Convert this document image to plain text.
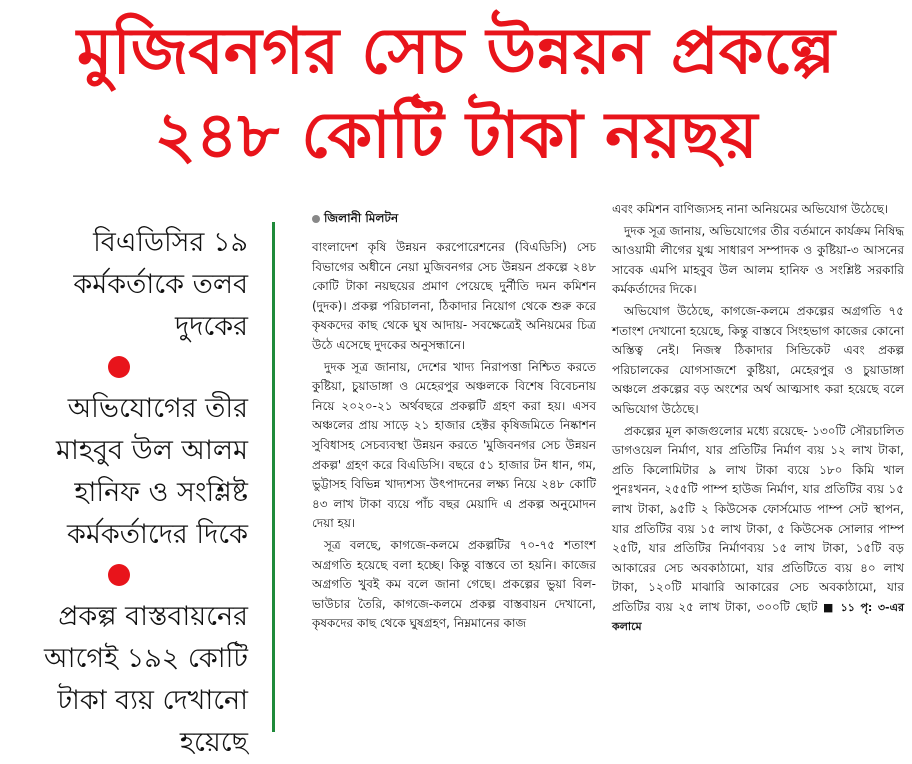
মুজিবনগর সেচ উন্নয়ন প্রকল্পে
২৪৮ কোটি টাকা নয়ছয়
বিএডিসির ১৯
কর্মকর্তাকে তলব
দুদকের
অভিযোগের তীর
মাহবুব উল আলম
হানিফ ও সংশ্লিষ্ট
কর্মকর্তাদের দিকে
প্রকল্প বাস্তবায়নের
আগেই ১৯২ কোটি
টাকা ব্যয় দেখানো
হয়েছে
জিলানী মিলটন

বাংলাদেশ কৃষি উন্নয়ন করপোরেশনের (বিএডিসি) সেচ বিভাগের অধীনে নেয়া মুজিবনগর সেচ উন্নয়ন প্রকল্পে ২৪৮ কোটি টাকা নয়ছয়ের প্রমাণ পেয়েছে দুর্নীতি দমন কমিশন (দুদক)। প্রকল্প পরিচালনা, ঠিকাদার নিয়োগ থেকে শুরু করে কৃষকদের কাছ থেকে ঘুষ আদায়- সবক্ষেত্রেই অনিয়মের চিত্র উঠে এসেছে দুদকের অনুসন্ধানে।

দুদক সূত্র জানায়, দেশের খাদ্য নিরাপত্তা নিশ্চিত করতে কুষ্টিয়া, চুয়াডাঙ্গা ও মেহেরপুর অঞ্চলকে বিশেষ বিবেচনায় নিয়ে ২০২০-২১ অর্থবছরে প্রকল্পটি গ্রহণ করা হয়। এসব অঞ্চলের প্রায় সাড়ে ২১ হাজার হেক্টর কৃষিজমিতে নিষ্কাশন সুবিধাসহ সেচব্যবস্থা উন্নয়ন করতে 'মুজিবনগর সেচ উন্নয়ন প্রকল্প' গ্রহণ করে বিএডিসি। বছরে ৫১ হাজার টন ধান, গম, ভুট্টাসহ বিভিন্ন খাদ্যশস্য উৎপাদনের লক্ষ্য নিয়ে ২৪৮ কোটি ৪৩ লাখ টাকা ব্যয়ে পাঁচ বছর মেয়াদি এ প্রকল্প অনুমোদন দেয়া হয়।

সূত্র বলছে, কাগজে-কলমে প্রকল্পটির ৭০-৭৫ শতাংশ অগ্রগতি হয়েছে বলা হচ্ছে। কিন্তু বাস্তবে তা হয়নি। কাজের অগ্রগতি খুবই কম বলে জানা গেছে। প্রকল্পের ভুয়া বিল-ভাউচার তৈরি, কাগজে-কলমে প্রকল্প বাস্তবায়ন দেখানো, কৃষকদের কাছ থেকে ঘুষগ্রহণ, নিম্নমানের কাজ

এবং কমিশন বাণিজ্যসহ নানা অনিয়মের অভিযোগ উঠেছে।

দুদক সূত্র জানায়, অভিযোগের তীর বর্তমানে কার্যক্রম নিষিদ্ধ আওয়ামী লীগের যুগ্ম সাধারণ সম্পাদক ও কুষ্টিয়া-৩ আসনের সাবেক এমপি মাহবুব উল আলম হানিফ ও সংশ্লিষ্ট সরকারি কর্মকর্তাদের দিকে।

অভিযোগ উঠেছে, কাগজে-কলমে প্রকল্পের অগ্রগতি ৭৫ শতাংশ দেখানো হয়েছে, কিন্তু বাস্তবে সিংহভাগ কাজের কোনো অস্তিত্ব নেই। নিজস্ব ঠিকাদার সিন্ডিকেট এবং প্রকল্প পরিচালকের যোগসাজশে কুষ্টিয়া, মেহেরপুর ও চুয়াডাঙ্গা অঞ্চলে প্রকল্পের বড় অংশের অর্থ আত্মসাৎ করা হয়েছে বলে অভিযোগ উঠেছে।

প্রকল্পের মূল কাজগুলোর মধ্যে রয়েছে- ১৩০টি সৌরচালিত ডাগওয়েল নির্মাণ, যার প্রতিটির নির্মাণ ব্যয় ১২ লাখ টাকা, প্রতি কিলোমিটার ৯ লাখ টাকা ব্যয়ে ১৮০ কিমি খাল পুনঃখনন, ২৫৫টি পাম্প হাউজ নির্মাণ, যার প্রতিটির ব্যয় ১৫ লাখ টাকা, ৯৫টি ২ কিউসেক ফোর্সমোড পাম্প সেট স্থাপন, যার প্রতিটির ব্যয় ১৫ লাখ টাকা, ৫ কিউসেক সোলার পাম্প ২৫টি, যার প্রতিটির নির্মাণব্যয় ১৫ লাখ টাকা, ১৫টি বড় আকারের সেচ অবকাঠামো, যার প্রতিটিতে ব্যয় ৪০ লাখ টাকা, ১২০টি মাঝারি আকারের সেচ অবকাঠামো, যার প্রতিটির ব্যয় ২৫ লাখ টাকা, ৩০০টি ছোট ■ ১১ পৃ: ৩-এর কলামে
